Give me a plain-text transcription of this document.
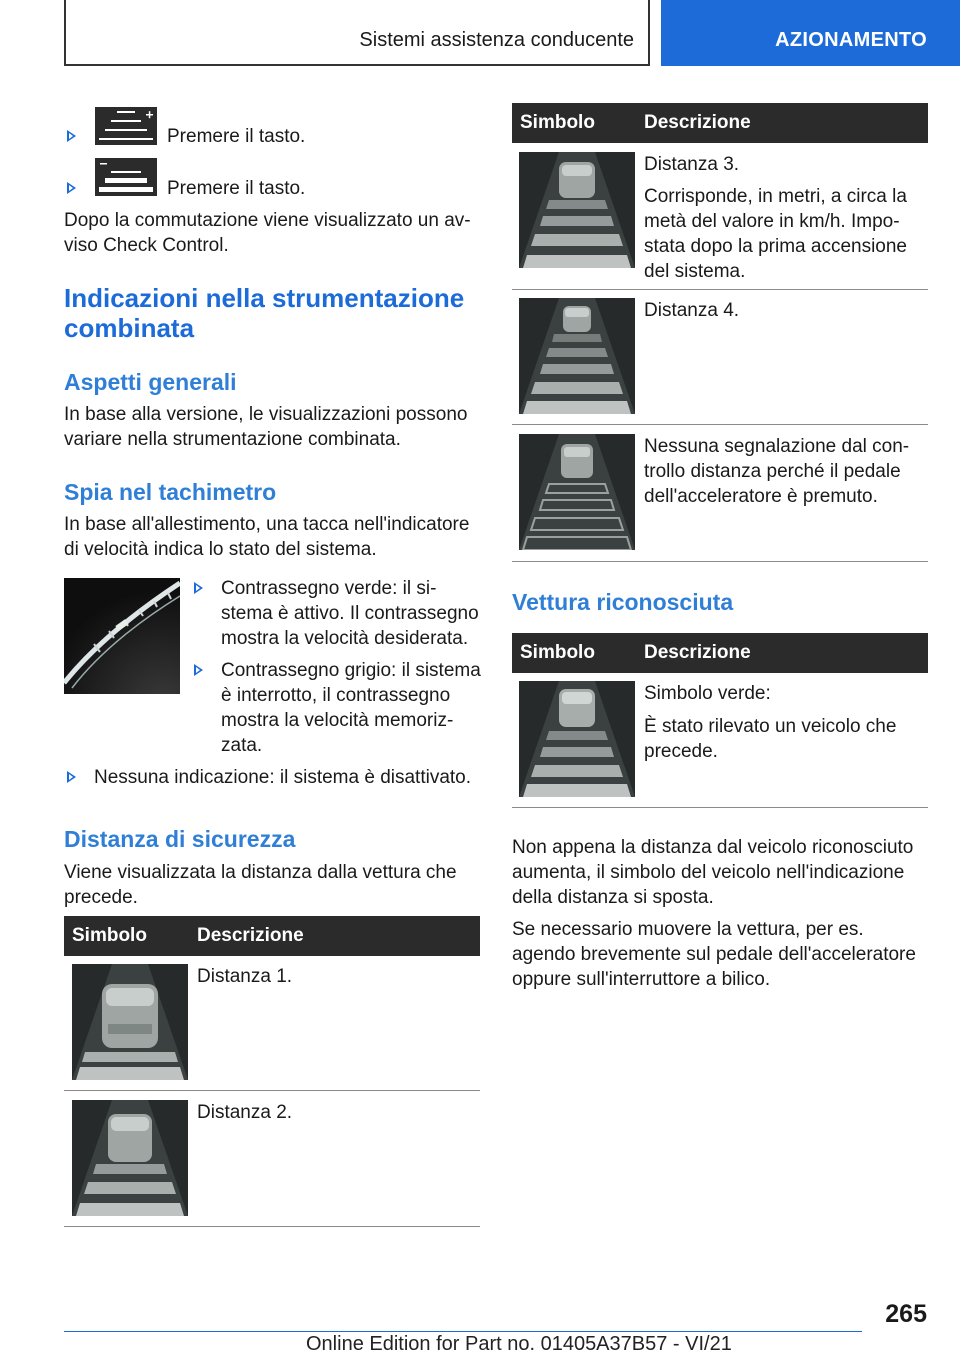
Sistemi assistenza conducente	AZIONAMENTO
Premere il tasto.
Premere il tasto.
Dopo la commutazione viene visualizzato un av-
viso Check Control.
Indicazioni nella strumentazione
combinata
Aspetti generali
In base alla versione, le visualizzazioni possono
variare nella strumentazione combinata.
Spia nel tachimetro
In base all'allestimento, una tacca nell'indicatore
di velocità indica lo stato del sistema.
Contrassegno verde: il si-
stema è attivo. Il contrassegno
mostra la velocità desiderata.
Contrassegno grigio: il sistema
è interrotto, il contrassegno
mostra la velocità memoriz-
zata.
Nessuna indicazione: il sistema è disattivato.
Distanza di sicurezza
Viene visualizzata la distanza dalla vettura che
precede.
Simbolo	Descrizione
Distanza 1.
Distanza 2.
Simbolo	Descrizione
Distanza 3.
Corrisponde, in metri, a circa la
metà del valore in km/h. Impo-
stata dopo la prima accensione
del sistema.
Distanza 4.
Nessuna segnalazione dal con-
trollo distanza perché il pedale
dell'acceleratore è premuto.
Vettura riconosciuta
Simbolo	Descrizione
Simbolo verde:
È stato rilevato un veicolo che
precede.
Non appena la distanza dal veicolo riconosciuto
aumenta, il simbolo del veicolo nell'indicazione
della distanza si sposta.
Se necessario muovere la vettura, per es.
agendo brevemente sul pedale dell'acceleratore
oppure sull'interruttore a bilico.
265
Online Edition for Part no. 01405A37B57 - VI/21
